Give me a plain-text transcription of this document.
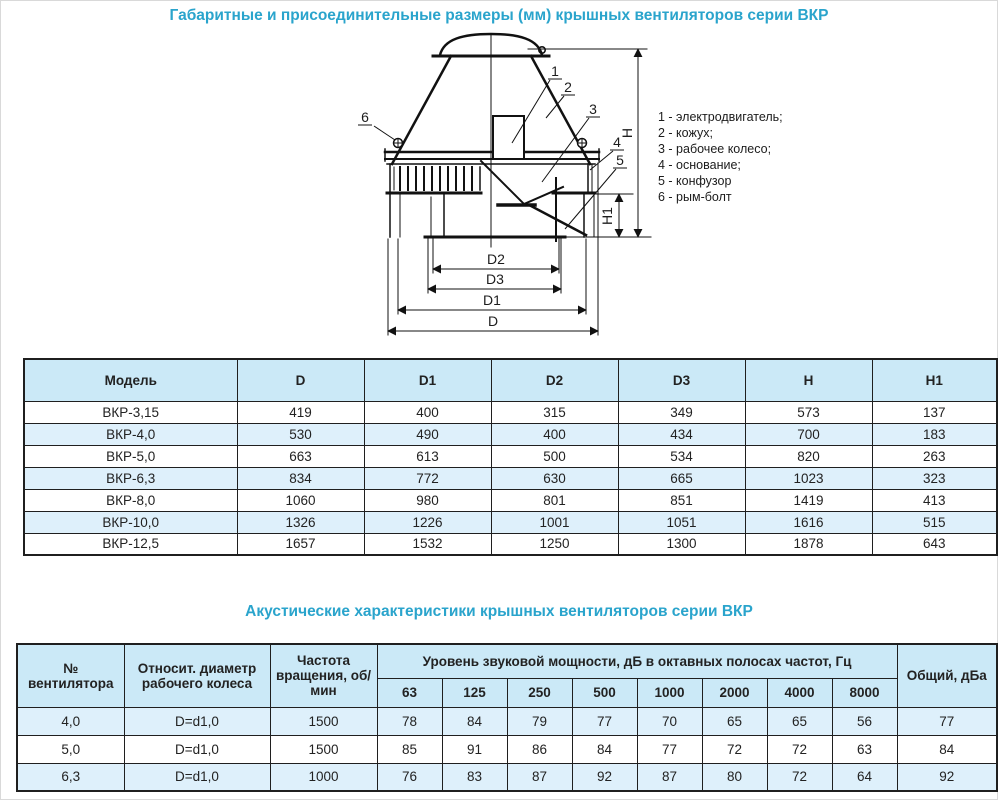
Габаритные и присоединительные размеры (мм) крышных вентиляторов серии ВКР
1
2
3
4
5
6
H
H1
D2
D3
D1
D
1 - электродвигатель;
2 - кожух;
3 - рабочее колесо;
4 - основание;
5 - конфузор
6 - рым-болт
Модель	D	D1	D2	D3	H	H1
ВКР-3,15	419	400	315	349	573	137
ВКР-4,0	530	490	400	434	700	183
ВКР-5,0	663	613	500	534	820	263
ВКР-6,3	834	772	630	665	1023	323
ВКР-8,0	1060	980	801	851	1419	413
ВКР-10,0	1326	1226	1001	1051	1616	515
ВКР-12,5	1657	1532	1250	1300	1878	643
Акустические характеристики крышных вентиляторов серии ВКР
№ вентилятора	Относит. диаметр рабочего колеса	Частота вращения, об/мин	Уровень звуковой мощности, дБ в октавных полосах частот, Гц								Общий, дБа
			63	125	250	500	1000	2000	4000	8000	
4,0	D=d1,0	1500	78	84	79	77	70	65	65	56	77
5,0	D=d1,0	1500	85	91	86	84	77	72	72	63	84
6,3	D=d1,0	1000	76	83	87	92	87	80	72	64	92
